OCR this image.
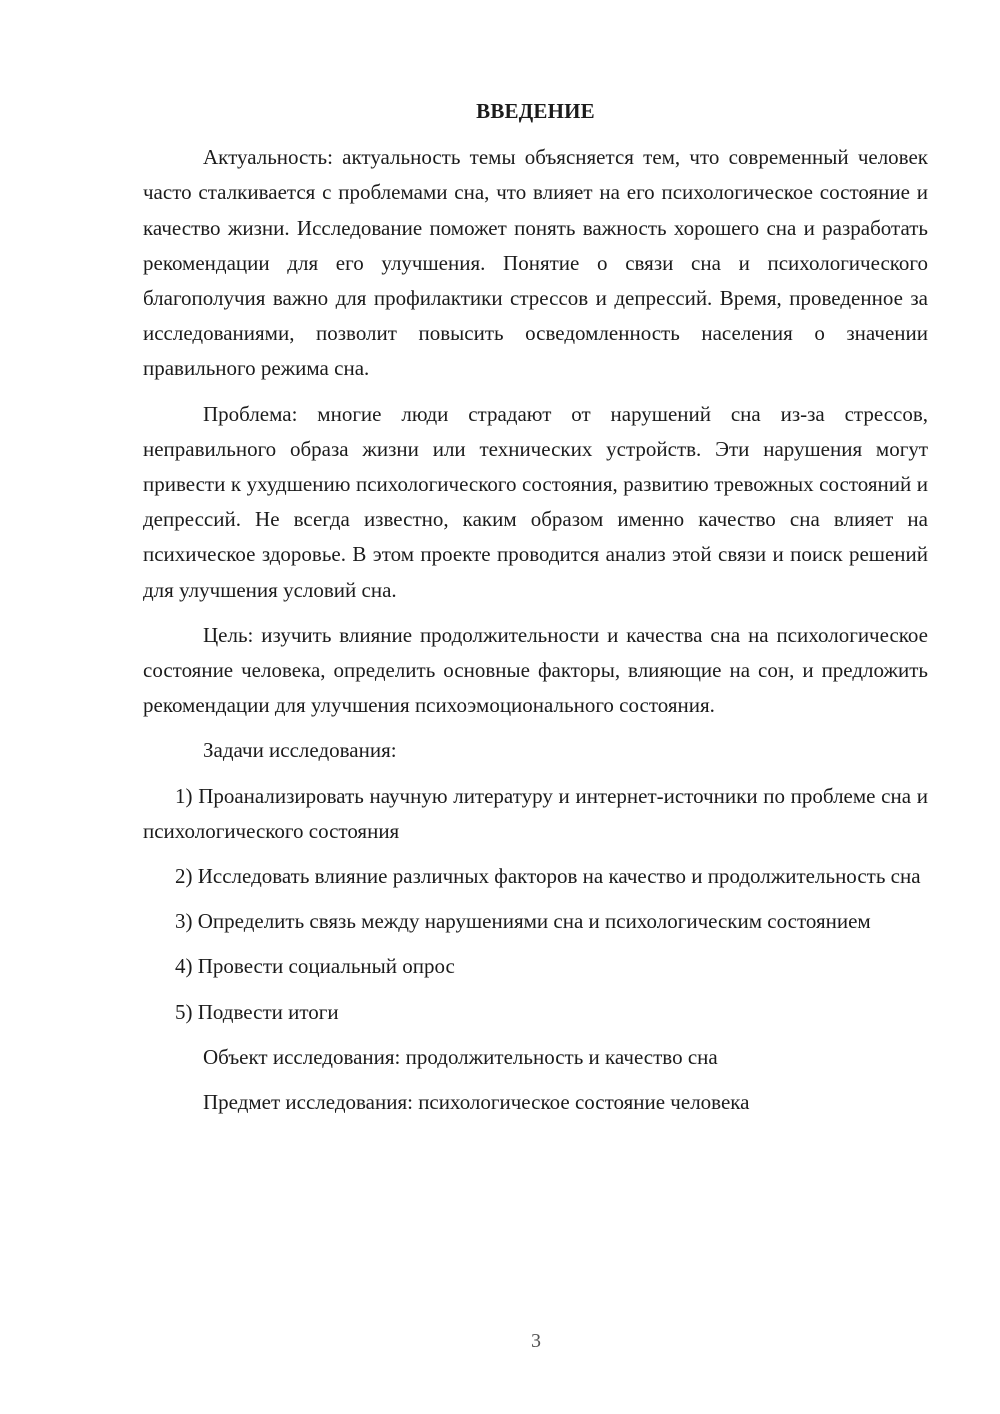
ВВЕДЕНИЕ

Актуальность: актуальность темы объясняется тем, что современный человек часто сталкивается с проблемами сна, что влияет на его психологическое состояние и качество жизни. Исследование поможет понять важность хорошего сна и разработать рекомендации для его улучшения. Понятие о связи сна и психологического благополучия важно для профилактики стрессов и депрессий. Время, проведенное за исследованиями, позволит повысить осведомленность населения о значении правильного режима сна.

Проблема: многие люди страдают от нарушений сна из-за стрессов, неправильного образа жизни или технических устройств. Эти нарушения могут привести к ухудшению психологического состояния, развитию тревожных состояний и депрессий. Не всегда известно, каким образом именно качество сна влияет на психическое здоровье. В этом проекте проводится анализ этой связи и поиск решений для улучшения условий сна.

Цель: изучить влияние продолжительности и качества сна на психологическое состояние человека, определить основные факторы, влияющие на сон, и предложить рекомендации для улучшения психоэмоционального состояния.

Задачи исследования:

1) Проанализировать научную литературу и интернет-источники по проблеме сна и психологического состояния

2) Исследовать влияние различных факторов на качество и продолжительность сна

3) Определить связь между нарушениями сна и психологическим состоянием

4) Провести социальный опрос

5) Подвести итоги

Объект исследования: продолжительность и качество сна

Предмет исследования: психологическое состояние человека

3
